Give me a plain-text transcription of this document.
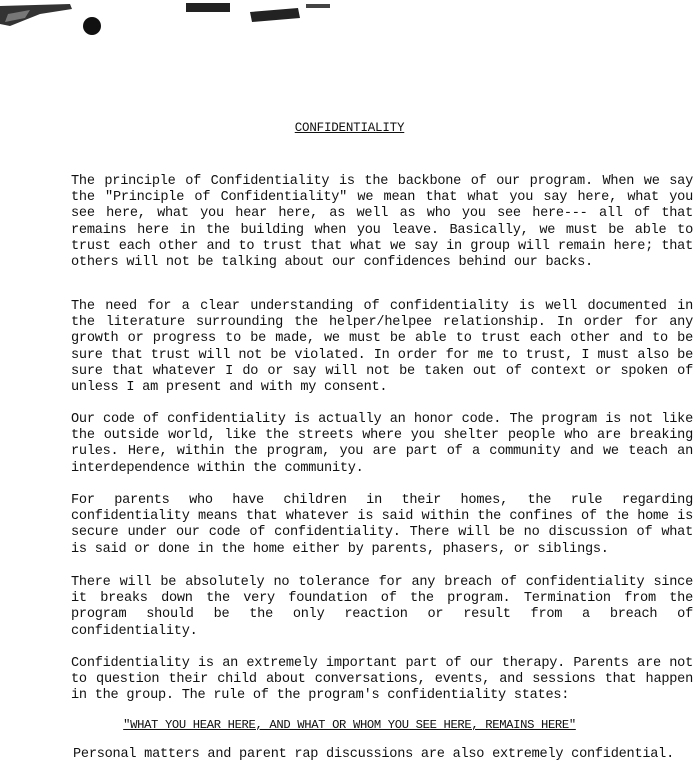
CONFIDENTIALITY

The principle of Confidentiality is the backbone of our program. When we say the "Principle of Confidentiality" we mean that what you say here, what you see here, what you hear here, as well as who you see here--- all of that remains here in the building when you leave. Basically, we must be able to trust each other and to trust that what we say in group will remain here; that others will not be talking about our confidences behind our backs.

The need for a clear understanding of confidentiality is well documented in the literature surrounding the helper/helpee relationship. In order for any growth or progress to be made, we must be able to trust each other and to be sure that trust will not be violated. In order for me to trust, I must also be sure that whatever I do or say will not be taken out of context or spoken of unless I am present and with my consent.

Our code of confidentiality is actually an honor code. The program is not like the outside world, like the streets where you shelter people who are breaking rules. Here, within the program, you are part of a community and we teach an interdependence within the community.

For parents who have children in their homes, the rule regarding confidentiality means that whatever is said within the confines of the home is secure under our code of confidentiality. There will be no discussion of what is said or done in the home either by parents, phasers, or siblings.

There will be absolutely no tolerance for any breach of confidentiality since it breaks down the very foundation of the program. Termination from the program should be the only reaction or result from a breach of confidentiality.

Confidentiality is an extremely important part of our therapy. Parents are not to question their child about conversations, events, and sessions that happen in the group. The rule of the program's confidentiality states:

"WHAT YOU HEAR HERE, AND WHAT OR WHOM YOU SEE HERE, REMAINS HERE"
Personal matters and parent rap discussions are also extremely confidential.
